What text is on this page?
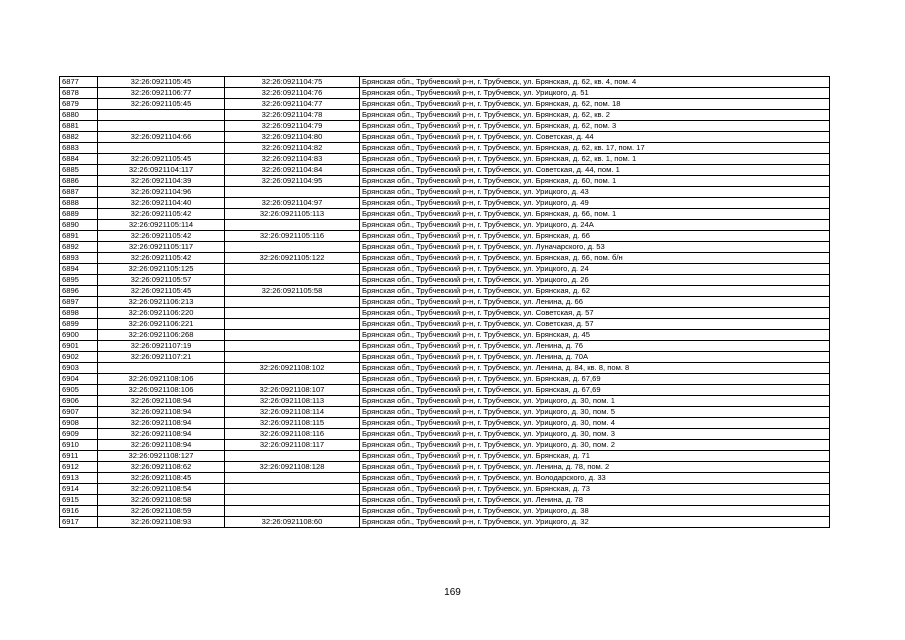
6877	32:26:0921105:45	32:26:0921104:75	Брянская обл., Трубчевский р-н, г. Трубчевск, ул. Брянская, д. 62, кв. 4, пом. 4
6878	32:26:0921106:77	32:26:0921104:76	Брянская обл., Трубчевский р-н, г. Трубчевск, ул. Урицкого, д. 51
6879	32:26:0921105:45	32:26:0921104:77	Брянская обл., Трубчевский р-н, г. Трубчевск, ул. Брянская, д. 62, пом. 18
6880		32:26:0921104:78	Брянская обл., Трубчевский р-н, г. Трубчевск, ул. Брянская, д. 62, кв. 2
6881		32:26:0921104:79	Брянская обл., Трубчевский р-н, г. Трубчевск, ул. Брянская, д. 62, пом. 3
6882	32:26:0921104:66	32:26:0921104:80	Брянская обл., Трубчевский р-н, г. Трубчевск, ул. Советская, д. 44
6883		32:26:0921104:82	Брянская обл., Трубчевский р-н, г. Трубчевск, ул. Брянская, д. 62, кв. 17, пом. 17
6884	32:26:0921105:45	32:26:0921104:83	Брянская обл., Трубчевский р-н, г. Трубчевск, ул. Брянская, д. 62, кв. 1, пом. 1
6885	32:26:0921104:117	32:26:0921104:84	Брянская обл., Трубчевский р-н, г. Трубчевск, ул. Советская, д. 44, пом. 1
6886	32:26:0921104:39	32:26:0921104:95	Брянская обл., Трубчевский р-н, г. Трубчевск, ул. Брянская, д. 60, пом. 1
6887	32:26:0921104:96		Брянская обл., Трубчевский р-н, г. Трубчевск, ул. Урицкого, д. 43
6888	32:26:0921104:40	32:26:0921104:97	Брянская обл., Трубчевский р-н, г. Трубчевск, ул. Урицкого, д. 49
6889	32:26:0921105:42	32:26:0921105:113	Брянская обл., Трубчевский р-н, г. Трубчевск, ул. Брянская, д. 66, пом. 1
6890	32:26:0921105:114		Брянская обл., Трубчевский р-н, г. Трубчевск, ул. Урицкого, д. 24А
6891	32:26:0921105:42	32:26:0921105:116	Брянская обл., Трубчевский р-н, г. Трубчевск, ул. Брянская, д. 66
6892	32:26:0921105:117		Брянская обл., Трубчевский р-н, г. Трубчевск, ул. Луначарского, д. 53
6893	32:26:0921105:42	32:26:0921105:122	Брянская обл., Трубчевский р-н, г. Трубчевск, ул. Брянская, д. 66, пом. б/н
6894	32:26:0921105:125		Брянская обл., Трубчевский р-н, г. Трубчевск, ул. Урицкого, д. 24
6895	32:26:0921105:57		Брянская обл., Трубчевский р-н, г. Трубчевск, ул. Урицкого, д. 26
6896	32:26:0921105:45	32:26:0921105:58	Брянская обл., Трубчевский р-н, г. Трубчевск, ул. Брянская, д. 62
6897	32:26:0921106:213		Брянская обл., Трубчевский р-н, г. Трубчевск, ул. Ленина, д. 66
6898	32:26:0921106:220		Брянская обл., Трубчевский р-н, г. Трубчевск, ул. Советская, д. 57
6899	32:26:0921106:221		Брянская обл., Трубчевский р-н, г. Трубчевск, ул. Советская, д. 57
6900	32:26:0921106:268		Брянская обл., Трубчевский р-н, г. Трубчевск, ул. Брянская, д. 45
6901	32:26:0921107:19		Брянская обл., Трубчевский р-н, г. Трубчевск, ул. Ленина, д. 76
6902	32:26:0921107:21		Брянская обл., Трубчевский р-н, г. Трубчевск, ул. Ленина, д. 70А
6903		32:26:0921108:102	Брянская обл., Трубчевский р-н, г. Трубчевск, ул. Ленина, д. 84, кв. 8, пом. 8
6904	32:26:0921108:106		Брянская обл., Трубчевский р-н, г. Трубчевск, ул. Брянская, д. 67,69
6905	32:26:0921108:106	32:26:0921108:107	Брянская обл., Трубчевский р-н, г. Трубчевск, ул. Брянская, д. 67,69
6906	32:26:0921108:94	32:26:0921108:113	Брянская обл., Трубчевский р-н, г. Трубчевск, ул. Урицкого, д. 30, пом. 1
6907	32:26:0921108:94	32:26:0921108:114	Брянская обл., Трубчевский р-н, г. Трубчевск, ул. Урицкого, д. 30, пом. 5
6908	32:26:0921108:94	32:26:0921108:115	Брянская обл., Трубчевский р-н, г. Трубчевск, ул. Урицкого, д. 30, пом. 4
6909	32:26:0921108:94	32:26:0921108:116	Брянская обл., Трубчевский р-н, г. Трубчевск, ул. Урицкого, д. 30, пом. 3
6910	32:26:0921108:94	32:26:0921108:117	Брянская обл., Трубчевский р-н, г. Трубчевск, ул. Урицкого, д. 30, пом. 2
6911	32:26:0921108:127		Брянская обл., Трубчевский р-н, г. Трубчевск, ул. Брянская, д. 71
6912	32:26:0921108:62	32:26:0921108:128	Брянская обл., Трубчевский р-н, г. Трубчевск, ул. Ленина, д. 78, пом. 2
6913	32:26:0921108:45		Брянская обл., Трубчевский р-н, г. Трубчевск, ул. Володарского, д. 33
6914	32:26:0921108:54		Брянская обл., Трубчевский р-н, г. Трубчевск, ул. Брянская, д. 73
6915	32:26:0921108:58		Брянская обл., Трубчевский р-н, г. Трубчевск, ул. Ленина, д. 78
6916	32:26:0921108:59		Брянская обл., Трубчевский р-н, г. Трубчевск, ул. Урицкого, д. 38
6917	32:26:0921108:93	32:26:0921108:60	Брянская обл., Трубчевский р-н, г. Трубчевск, ул. Урицкого, д. 32
169
